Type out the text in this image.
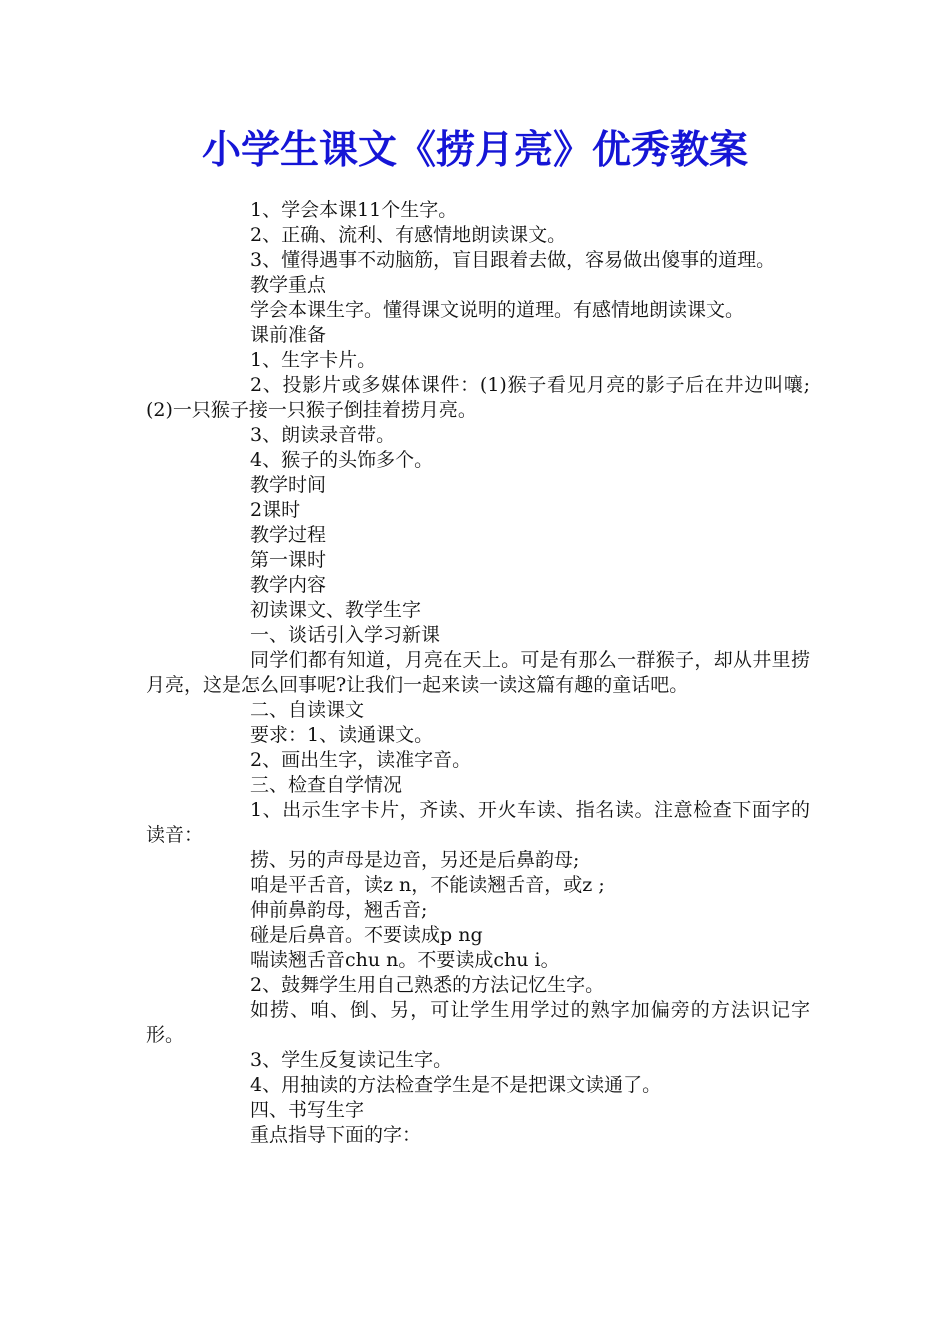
小学生课文《捞月亮》优秀教案

1、学会本课11个生字。

2、正确、流利、有感情地朗读课文。

3、懂得遇事不动脑筋，盲目跟着去做，容易做出傻事的道理。

教学重点

学会本课生字。懂得课文说明的道理。有感情地朗读课文。

课前准备

1、生字卡片。

2、投影片或多媒体课件：(1)猴子看见月亮的影子后在井边叫嚷;(2)一只猴子接一只猴子倒挂着捞月亮。

3、朗读录音带。

4、猴子的头饰多个。

教学时间

2课时

教学过程

第一课时

教学内容

初读课文、教学生字

一、谈话引入学习新课

同学们都有知道，月亮在天上。可是有那么一群猴子，却从井里捞月亮，这是怎么回事呢?让我们一起来读一读这篇有趣的童话吧。

二、自读课文

要求：1、读通课文。

2、画出生字，读准字音。

三、检查自学情况

1、出示生字卡片，齐读、开火车读、指名读。注意检查下面字的读音：

捞、另的声母是边音，另还是后鼻韵母;

咱是平舌音，读z n，不能读翘舌音，或z ;

伸前鼻韵母，翘舌音;

碰是后鼻音。不要读成p ng

喘读翘舌音chu n。不要读成chu i。

2、鼓舞学生用自己熟悉的方法记忆生字。

如捞、咱、倒、另，可让学生用学过的熟字加偏旁的方法识记字形。

3、学生反复读记生字。

4、用抽读的方法检查学生是不是把课文读通了。

四、书写生字

重点指导下面的字：
